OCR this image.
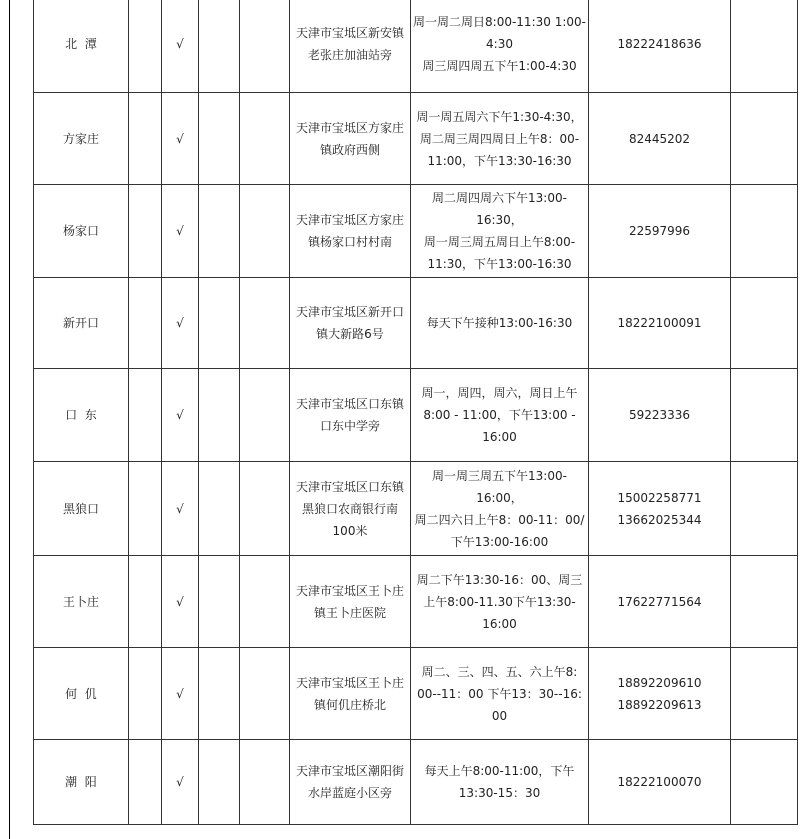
北  潭		√			天津市宝坻区新安镇
老张庄加油站旁	周一周二周日8:00-11:30 1:00-
4:30
周三周四周五下午1:00-4:30	18222418636	

方家庄		√			天津市宝坻区方家庄
镇政府西侧	周一周五周六下午1:30-4:30，
周二周三周四周日上午8：00-
11:00，下午13:30-16:30	82445202	

杨家口		√			天津市宝坻区方家庄
镇杨家口村村南	周二周四周六下午13:00-
16:30，
周一周三周五周日上午8:00-
11:30，下午13:00-16:30	22597996	

新开口		√			天津市宝坻区新开口
镇大新路6号	每天下午接种13:00-16:30	18222100091	

口  东		√			天津市宝坻区口东镇
口东中学旁	周一，周四，周六，周日上午
8:00 - 11:00，下午13:00 -
16:00	59223336	

黑狼口		√			天津市宝坻区口东镇
黑狼口农商银行南
100米	周一周三周五下午13:00-
16:00，
周二四六日上午8：00-11：00/
下午13:00-16:00	15002258771
13662025344	

王卜庄		√			天津市宝坻区王卜庄
镇王卜庄医院	周二下午13:30-16：00、周三
上午8:00-11.30下午13:30-
16:00	17622771564	

何  仉		√			天津市宝坻区王卜庄
镇何仉庄桥北	周二、三、四、五、六上午8:
00--11：00 下午13：30--16:
00	18892209610
18892209613	

潮  阳		√			天津市宝坻区潮阳街
水岸蓝庭小区旁	每天上午8:00-11:00，下午
13:30-15：30	18222100070	
